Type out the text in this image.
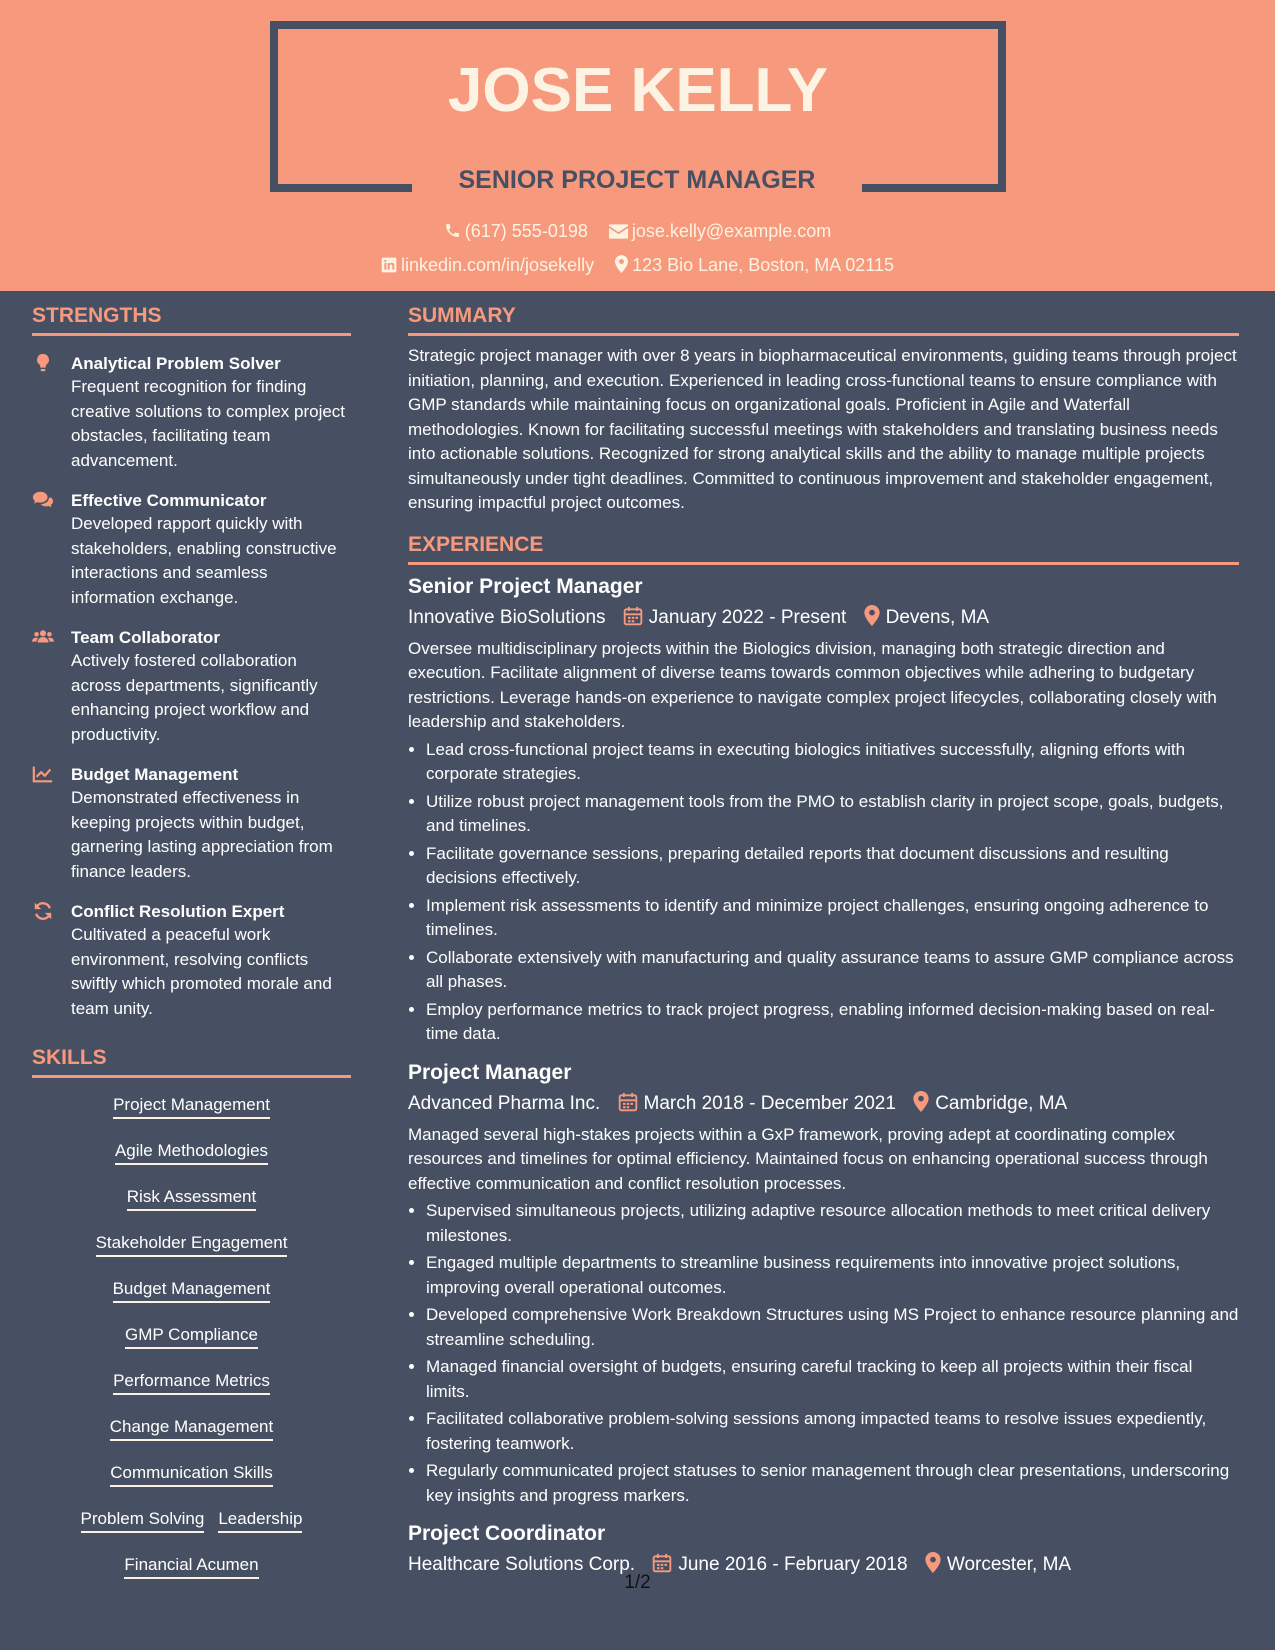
JOSE KELLY
SENIOR PROJECT MANAGER
(617) 555-0198 jose.kelly@example.com
linkedin.com/in/josekelly 123 Bio Lane, Boston, MA 02115
STRENGTHS
Analytical Problem Solver
Frequent recognition for finding creative solutions to complex project obstacles, facilitating team advancement.
Effective Communicator
Developed rapport quickly with stakeholders, enabling constructive interactions and seamless information exchange.
Team Collaborator
Actively fostered collaboration across departments, significantly enhancing project workflow and productivity.
Budget Management
Demonstrated effectiveness in keeping projects within budget, garnering lasting appreciation from finance leaders.
Conflict Resolution Expert
Cultivated a peaceful work environment, resolving conflicts swiftly which promoted morale and team unity.
SKILLS
Project Management
Agile Methodologies
Risk Assessment
Stakeholder Engagement
Budget Management
GMP Compliance
Performance Metrics
Change Management
Communication Skills
Problem Solving Leadership
Financial Acumen
SUMMARY
Strategic project manager with over 8 years in biopharmaceutical environments, guiding teams through project initiation, planning, and execution. Experienced in leading cross-functional teams to ensure compliance with GMP standards while maintaining focus on organizational goals. Proficient in Agile and Waterfall methodologies. Known for facilitating successful meetings with stakeholders and translating business needs into actionable solutions. Recognized for strong analytical skills and the ability to manage multiple projects simultaneously under tight deadlines. Committed to continuous improvement and stakeholder engagement, ensuring impactful project outcomes.
EXPERIENCE
Senior Project Manager
Innovative BioSolutions January 2022 - Present Devens, MA
Oversee multidisciplinary projects within the Biologics division, managing both strategic direction and execution. Facilitate alignment of diverse teams towards common objectives while adhering to budgetary restrictions. Leverage hands-on experience to navigate complex project lifecycles, collaborating closely with leadership and stakeholders.
• Lead cross-functional project teams in executing biologics initiatives successfully, aligning efforts with corporate strategies.
• Utilize robust project management tools from the PMO to establish clarity in project scope, goals, budgets, and timelines.
• Facilitate governance sessions, preparing detailed reports that document discussions and resulting decisions effectively.
• Implement risk assessments to identify and minimize project challenges, ensuring ongoing adherence to timelines.
• Collaborate extensively with manufacturing and quality assurance teams to assure GMP compliance across all phases.
• Employ performance metrics to track project progress, enabling informed decision-making based on real-time data.
Project Manager
Advanced Pharma Inc. March 2018 - December 2021 Cambridge, MA
Managed several high-stakes projects within a GxP framework, proving adept at coordinating complex resources and timelines for optimal efficiency. Maintained focus on enhancing operational success through effective communication and conflict resolution processes.
• Supervised simultaneous projects, utilizing adaptive resource allocation methods to meet critical delivery milestones.
• Engaged multiple departments to streamline business requirements into innovative project solutions, improving overall operational outcomes.
• Developed comprehensive Work Breakdown Structures using MS Project to enhance resource planning and streamline scheduling.
• Managed financial oversight of budgets, ensuring careful tracking to keep all projects within their fiscal limits.
• Facilitated collaborative problem-solving sessions among impacted teams to resolve issues expediently, fostering teamwork.
• Regularly communicated project statuses to senior management through clear presentations, underscoring key insights and progress markers.
Project Coordinator
Healthcare Solutions Corp. June 2016 - February 2018 Worcester, MA
1/2
